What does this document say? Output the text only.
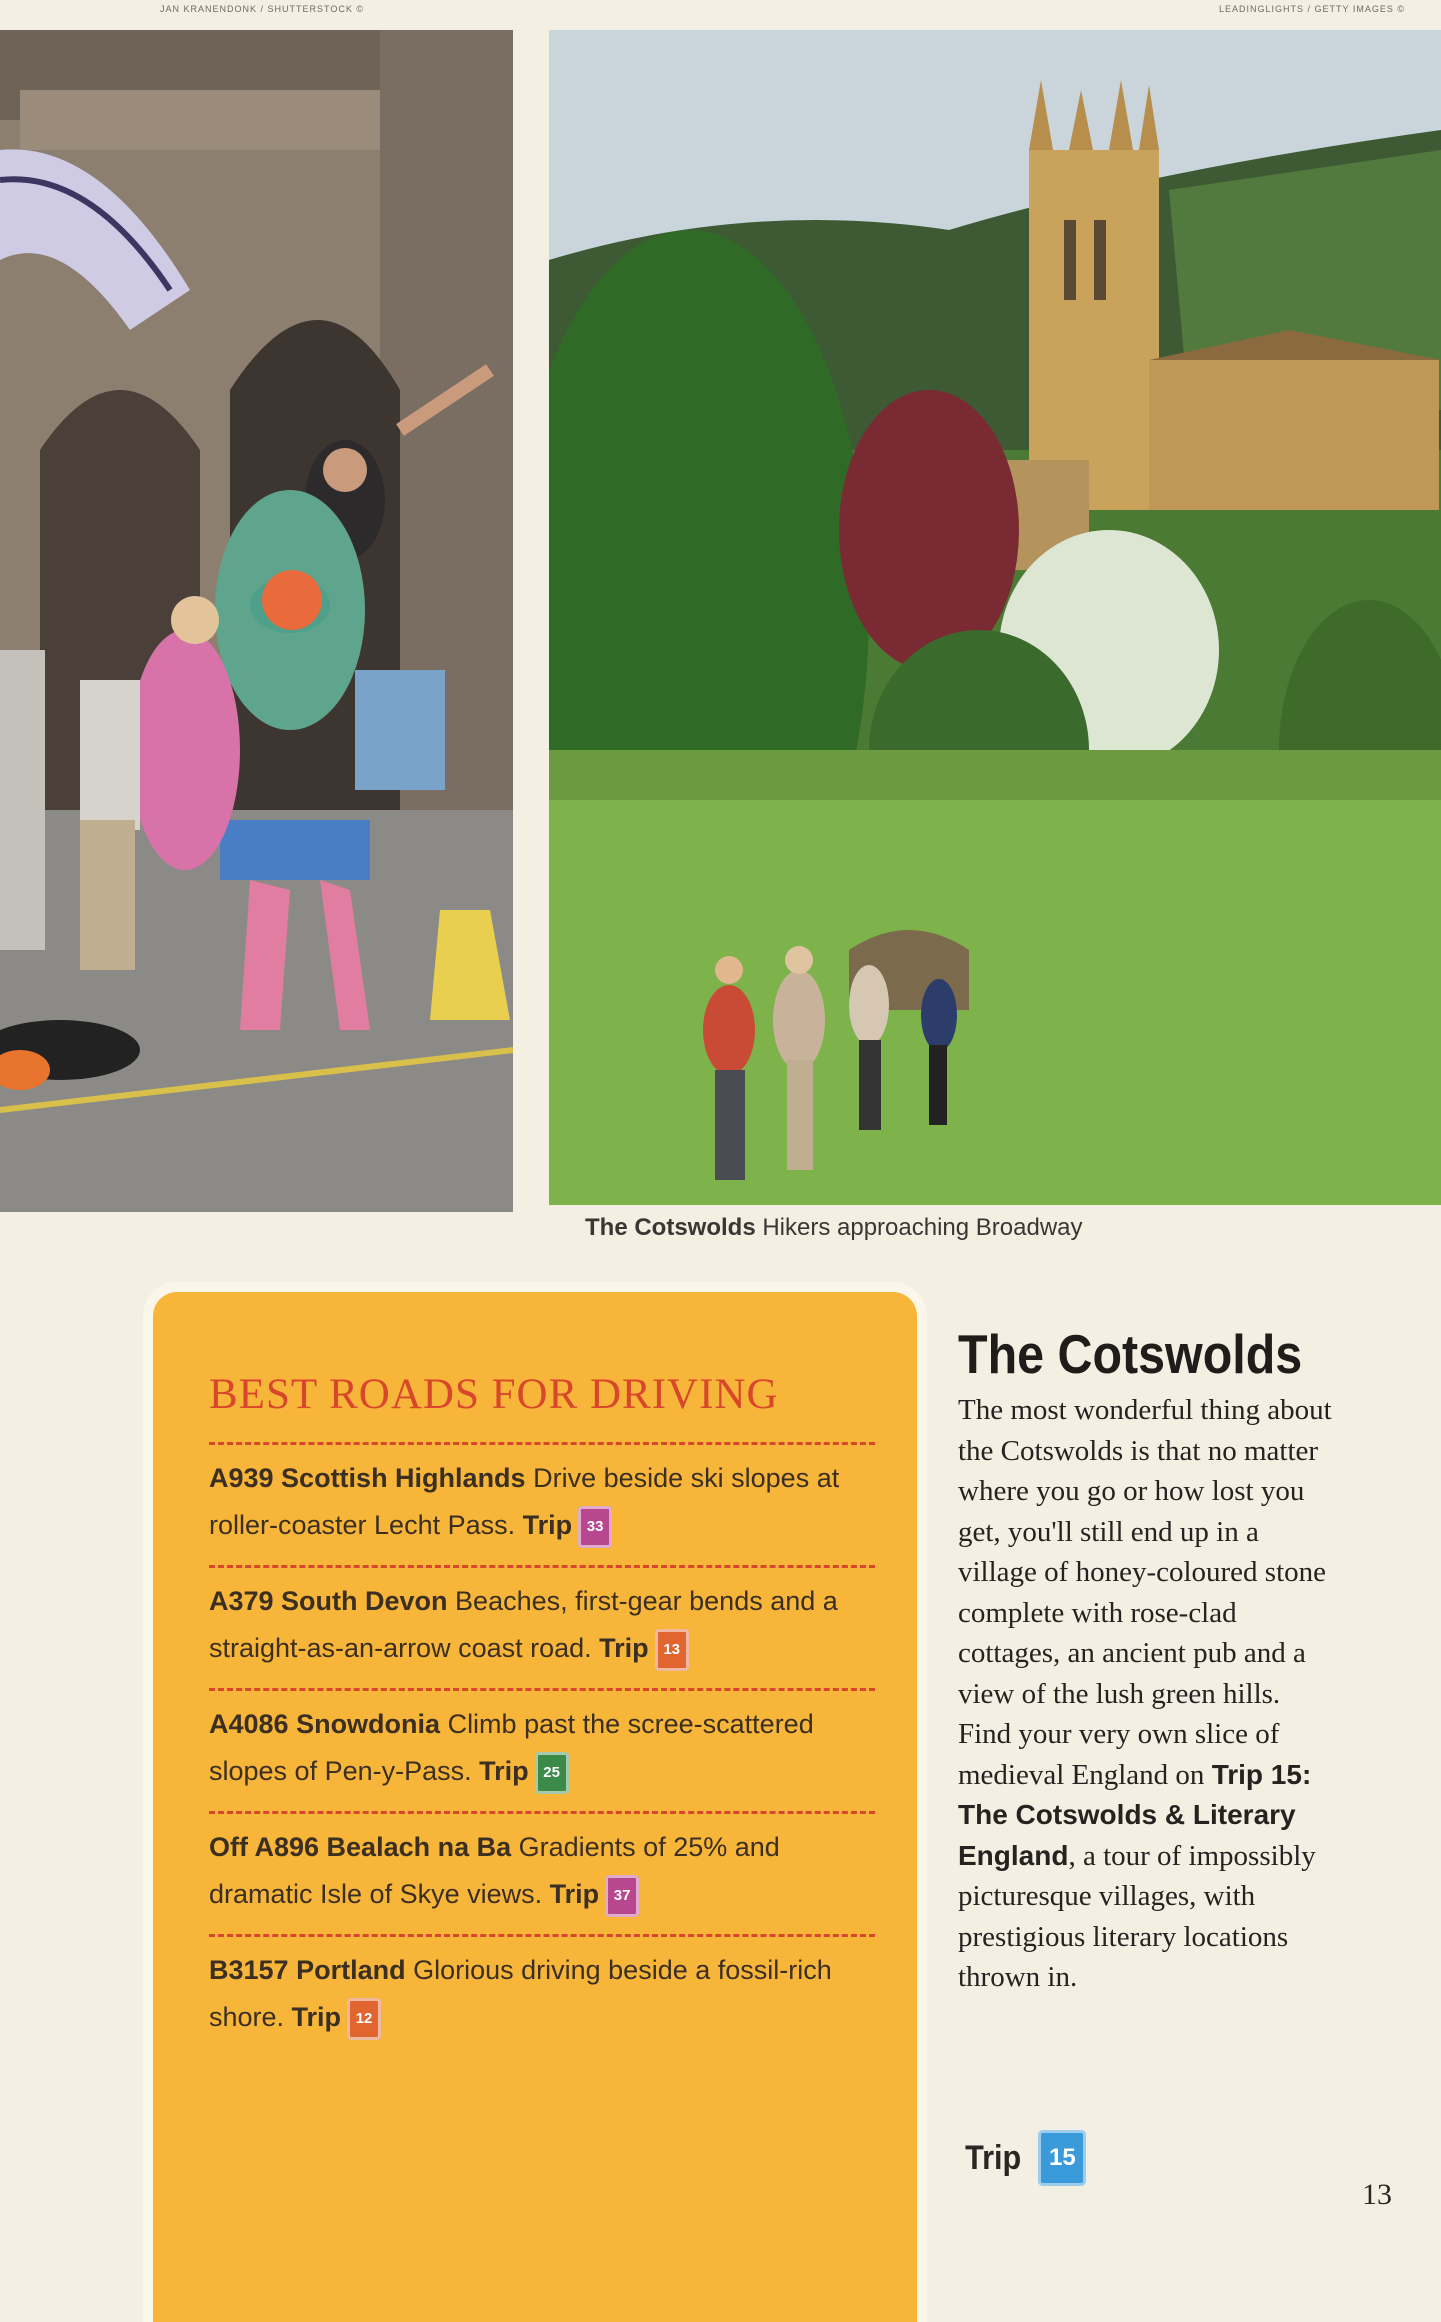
JAN KRANENDONK / SHUTTERSTOCK ©	LEADINGLIGHTS / GETTY IMAGES ©
The Cotswolds Hikers approaching Broadway
BEST ROADS FOR DRIVING
A939 Scottish Highlands Drive beside ski slopes at roller-coaster Lecht Pass. Trip 33
A379 South Devon Beaches, first-gear bends and a straight-as-an-arrow coast road. Trip 13
A4086 Snowdonia Climb past the scree-scattered slopes of Pen-y-Pass. Trip 25
Off A896 Bealach na Ba Gradients of 25% and dramatic Isle of Skye views. Trip 37
B3157 Portland Glorious driving beside a fossil-rich shore. Trip 12
The Cotswolds

The most wonderful thing about the Cotswolds is that no matter where you go or how lost you get, you'll still end up in a village of honey-coloured stone complete with rose-clad cottages, an ancient pub and a view of the lush green hills. Find your very own slice of medieval England on Trip 15: The Cotswolds & Literary England, a tour of impossibly picturesque villages, with prestigious literary locations thrown in.

Trip	15
13
